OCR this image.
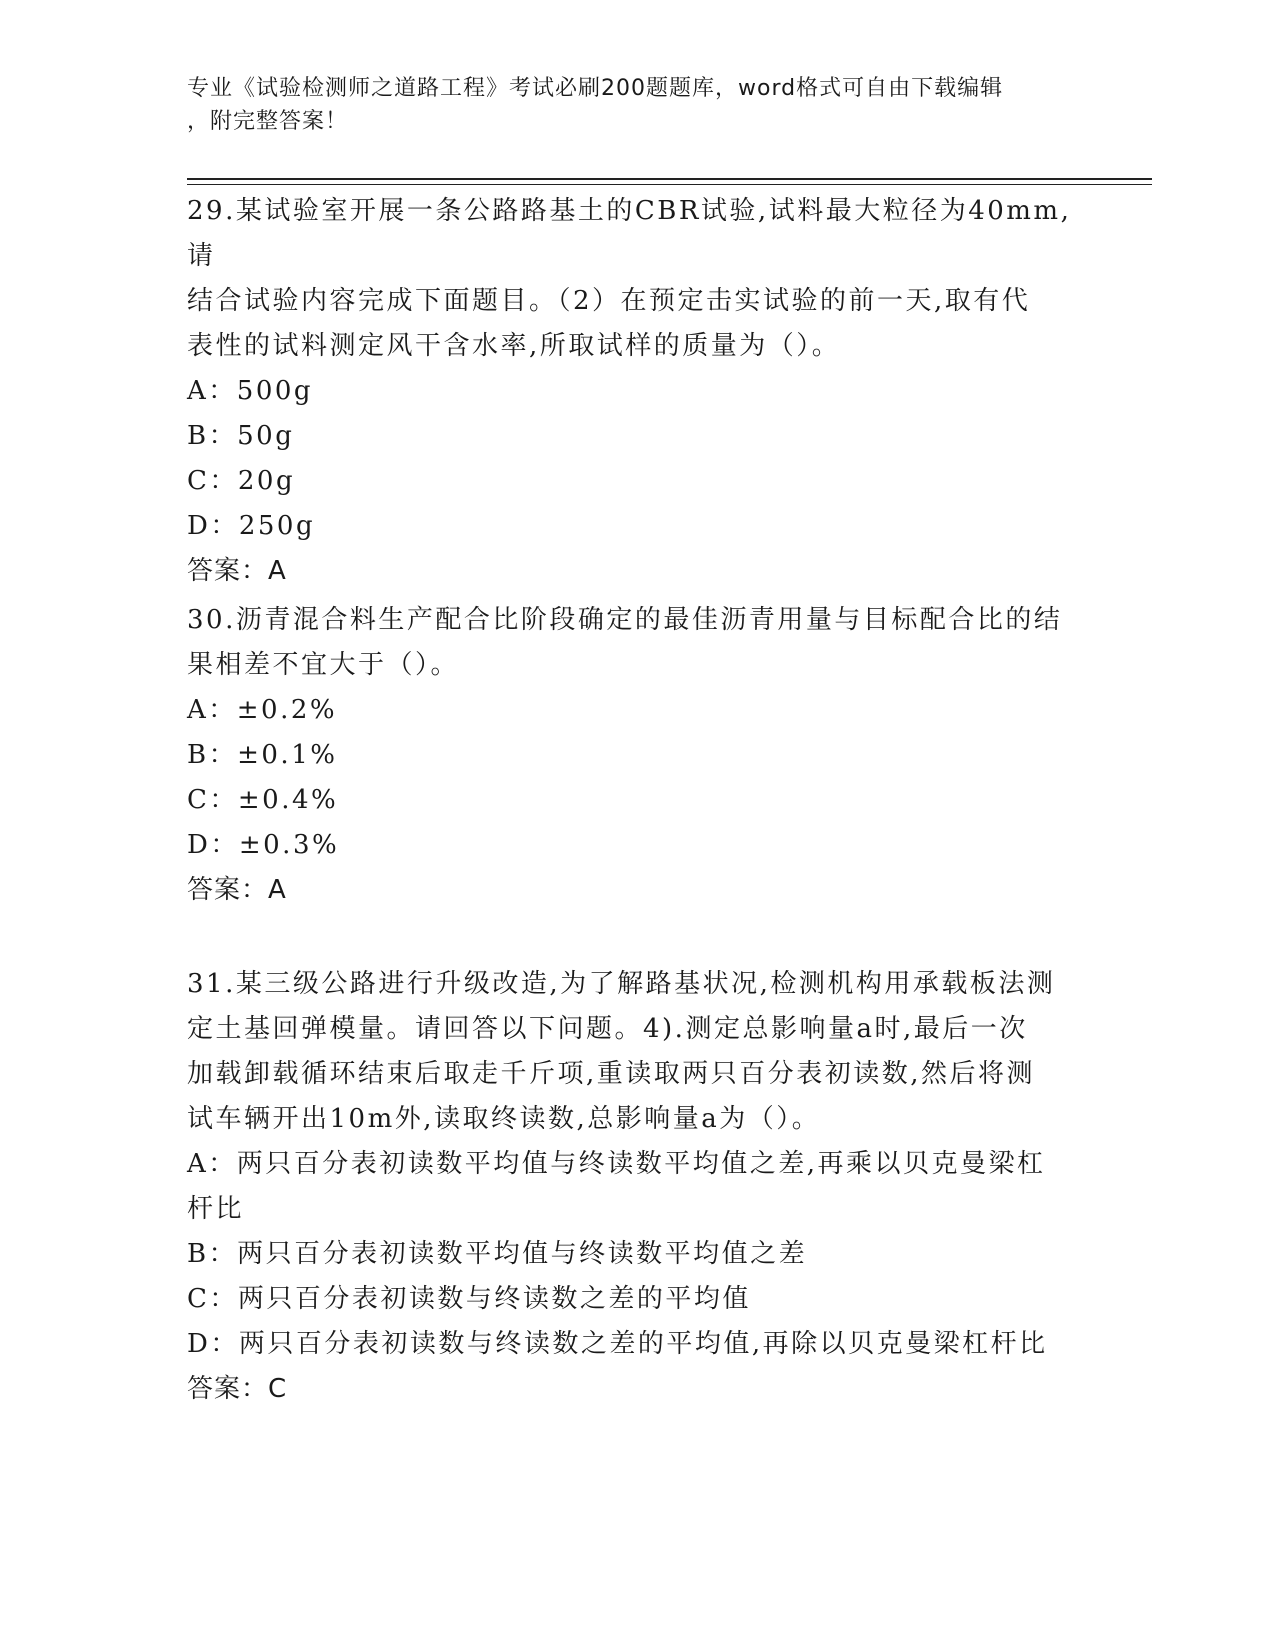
专业《试验检测师之道路工程》考试必刷200题题库，word格式可自由下载编辑
，附完整答案！

29.某试验室开展一条公路路基土的CBR试验,试料最大粒径为40mm,请

结合试验内容完成下面题目。（2）在预定击实试验的前一天,取有代

表性的试料测定风干含水率,所取试样的质量为（）。

A：500g

B：50g

C：20g

D：250g

答案：A

30.沥青混合料生产配合比阶段确定的最佳沥青用量与目标配合比的结

果相差不宜大于（）。

A：±0.2%

B：±0.1%

C：±0.4%

D：±0.3%

答案：A

31.某三级公路进行升级改造,为了解路基状况,检测机构用承载板法测

定土基回弹模量。请回答以下问题。4).测定总影响量a时,最后一次

加载卸载循环结束后取走千斤项,重读取两只百分表初读数,然后将测

试车辆开出10m外,读取终读数,总影响量a为（）。

A：两只百分表初读数平均值与终读数平均值之差,再乘以贝克曼梁杠

杆比

B：两只百分表初读数平均值与终读数平均值之差

C：两只百分表初读数与终读数之差的平均值

D：两只百分表初读数与终读数之差的平均值,再除以贝克曼梁杠杆比

答案：C
